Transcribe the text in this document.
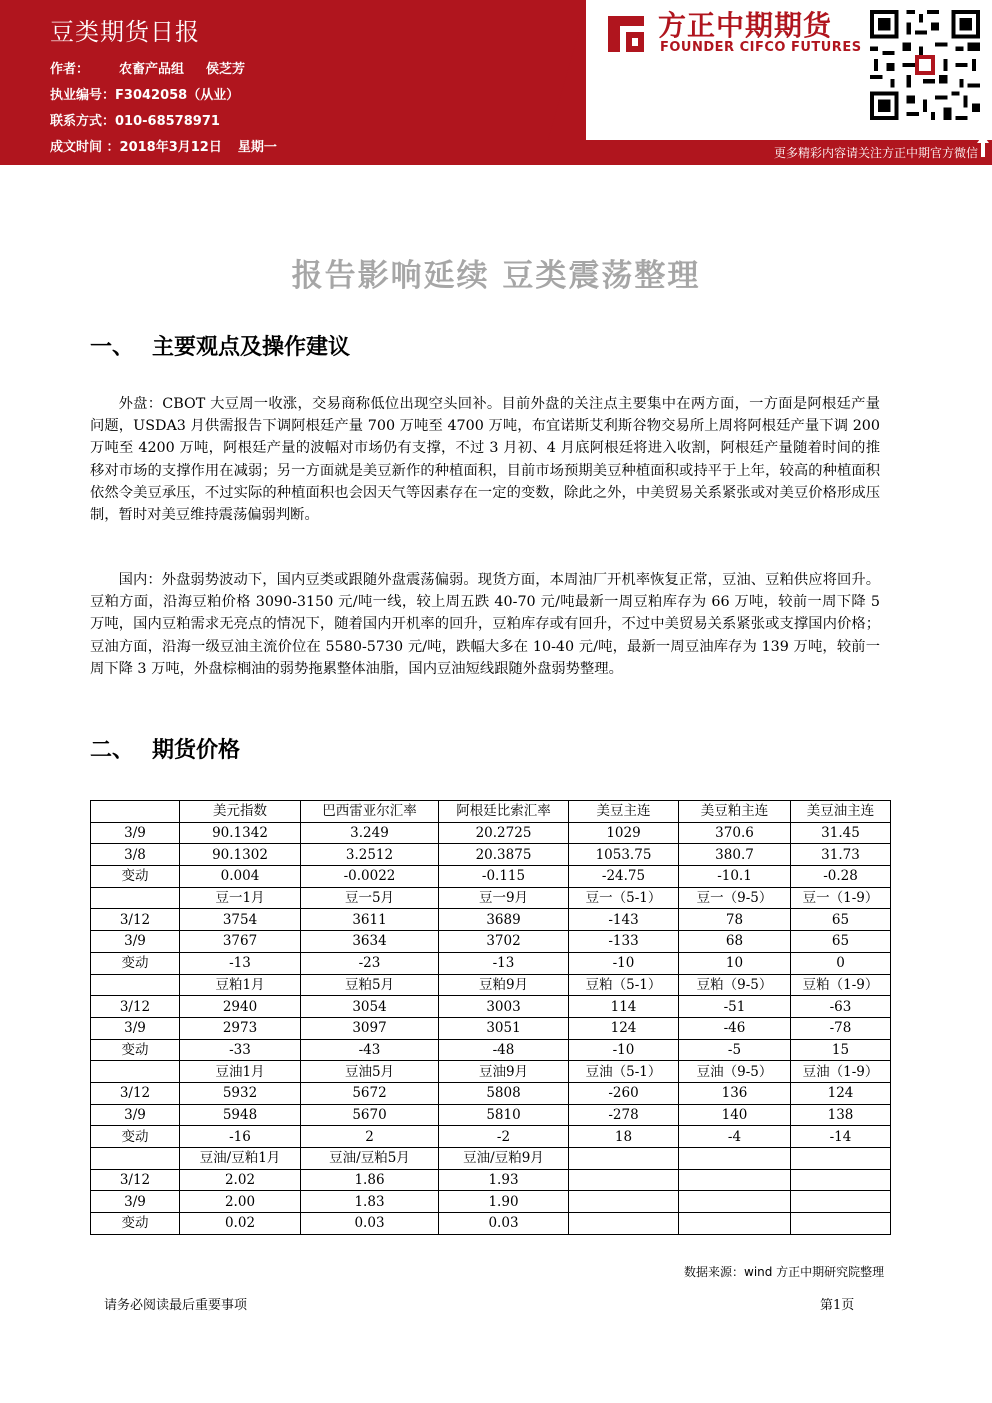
豆类期货日报
作者： 农畜产品组 侯芝芳
执业编号：F3042058（从业）
联系方式：010-68578971
成文时间 ：2018年3月12日 星期一
方正中期期货
FOUNDER CIFCO FUTURES
更多精彩内容请关注方正中期官方微信
报告影响延续 豆类震荡整理
一、 主要观点及操作建议
外盘：CBOT 大豆周一收涨，交易商称低位出现空头回补。目前外盘的关注点主要集中在两方面，一方面是阿根廷产量问题，USDA3 月供需报告下调阿根廷产量 700 万吨至 4700 万吨，布宜诺斯艾利斯谷物交易所上周将阿根廷产量下调 200 万吨至 4200 万吨，阿根廷产量的波幅对市场仍有支撑，不过 3 月初、4 月底阿根廷将进入收割，阿根廷产量随着时间的推移对市场的支撑作用在减弱；另一方面就是美豆新作的种植面积，目前市场预期美豆种植面积或持平于上年，较高的种植面积依然令美豆承压，不过实际的种植面积也会因天气等因素存在一定的变数，除此之外，中美贸易关系紧张或对美豆价格形成压制，暂时对美豆维持震荡偏弱判断。
国内：外盘弱势波动下，国内豆类或跟随外盘震荡偏弱。现货方面，本周油厂开机率恢复正常，豆油、豆粕供应将回升。豆粕方面，沿海豆粕价格 3090-3150 元/吨一线，较上周五跌 40-70 元/吨最新一周豆粕库存为 66 万吨，较前一周下降 5 万吨，国内豆粕需求无亮点的情况下，随着国内开机率的回升，豆粕库存或有回升，不过中美贸易关系紧张或支撑国内价格；豆油方面，沿海一级豆油主流价位在 5580-5730 元/吨，跌幅大多在 10-40 元/吨，最新一周豆油库存为 139 万吨，较前一周下降 3 万吨，外盘棕榈油的弱势拖累整体油脂，国内豆油短线跟随外盘弱势整理。
二、 期货价格
	美元指数	巴西雷亚尔汇率	阿根廷比索汇率	美豆主连	美豆粕主连	美豆油主连
3/9	90.1342	3.249	20.2725	1029	370.6	31.45
3/8	90.1302	3.2512	20.3875	1053.75	380.7	31.73
变动	0.004	-0.0022	-0.115	-24.75	-10.1	-0.28
	豆一1月	豆一5月	豆一9月	豆一（5-1）	豆一（9-5）	豆一（1-9）
3/12	3754	3611	3689	-143	78	65
3/9	3767	3634	3702	-133	68	65
变动	-13	-23	-13	-10	10	0
	豆粕1月	豆粕5月	豆粕9月	豆粕（5-1）	豆粕（9-5）	豆粕（1-9）
3/12	2940	3054	3003	114	-51	-63
3/9	2973	3097	3051	124	-46	-78
变动	-33	-43	-48	-10	-5	15
	豆油1月	豆油5月	豆油9月	豆油（5-1）	豆油（9-5）	豆油（1-9）
3/12	5932	5672	5808	-260	136	124
3/9	5948	5670	5810	-278	140	138
变动	-16	2	-2	18	-4	-14
	豆油/豆粕1月	豆油/豆粕5月	豆油/豆粕9月			
3/12	2.02	1.86	1.93			
3/9	2.00	1.83	1.90			
变动	0.02	0.03	0.03			
数据来源：wind 方正中期研究院整理
请务必阅读最后重要事项	第1页
